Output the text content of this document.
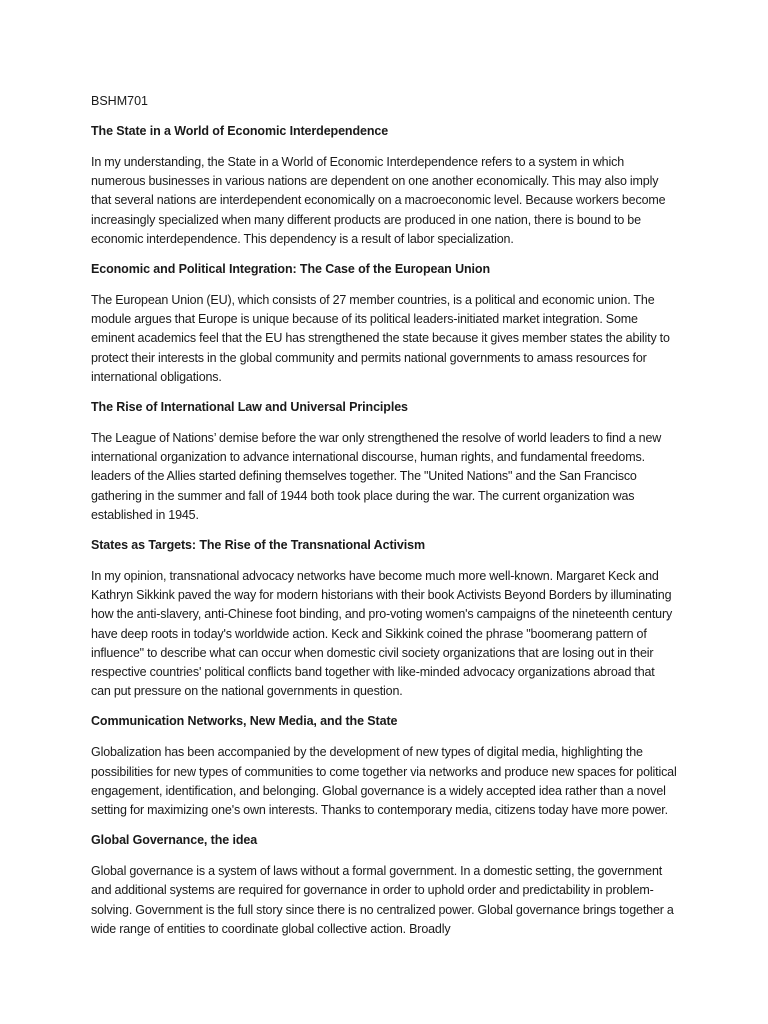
BSHM701

The State in a World of Economic Interdependence

In my understanding, the State in a World of Economic Interdependence refers to a system in which numerous businesses in various nations are dependent on one another economically. This may also imply that several nations are interdependent economically on a macroeconomic level. Because workers become increasingly specialized when many different products are produced in one nation, there is bound to be economic interdependence. This dependency is a result of labor specialization.

Economic and Political Integration: The Case of the European Union

The European Union (EU), which consists of 27 member countries, is a political and economic union. The module argues that Europe is unique because of its political leaders-initiated market integration. Some eminent academics feel that the EU has strengthened the state because it gives member states the ability to protect their interests in the global community and permits national governments to amass resources for international obligations.

The Rise of International Law and Universal Principles

The League of Nations’ demise before the war only strengthened the resolve of world leaders to find a new international organization to advance international discourse, human rights, and fundamental freedoms. leaders of the Allies started defining themselves together. The "United Nations" and the San Francisco gathering in the summer and fall of 1944 both took place during the war. The current organization was established in 1945.

States as Targets: The Rise of the Transnational Activism

In my opinion, transnational advocacy networks have become much more well-known. Margaret Keck and Kathryn Sikkink paved the way for modern historians with their book Activists Beyond Borders by illuminating how the anti-slavery, anti-Chinese foot binding, and pro-voting women's campaigns of the nineteenth century have deep roots in today's worldwide action. Keck and Sikkink coined the phrase "boomerang pattern of influence" to describe what can occur when domestic civil society organizations that are losing out in their respective countries' political conflicts band together with like-minded advocacy organizations abroad that can put pressure on the national governments in question.

Communication Networks, New Media, and the State

Globalization has been accompanied by the development of new types of digital media, highlighting the possibilities for new types of communities to come together via networks and produce new spaces for political engagement, identification, and belonging. Global governance is a widely accepted idea rather than a novel setting for maximizing one's own interests. Thanks to contemporary media, citizens today have more power.

Global Governance, the idea

Global governance is a system of laws without a formal government. In a domestic setting, the government and additional systems are required for governance in order to uphold order and predictability in problem-solving. Government is the full story since there is no centralized power. Global governance brings together a wide range of entities to coordinate global collective action. Broadly
